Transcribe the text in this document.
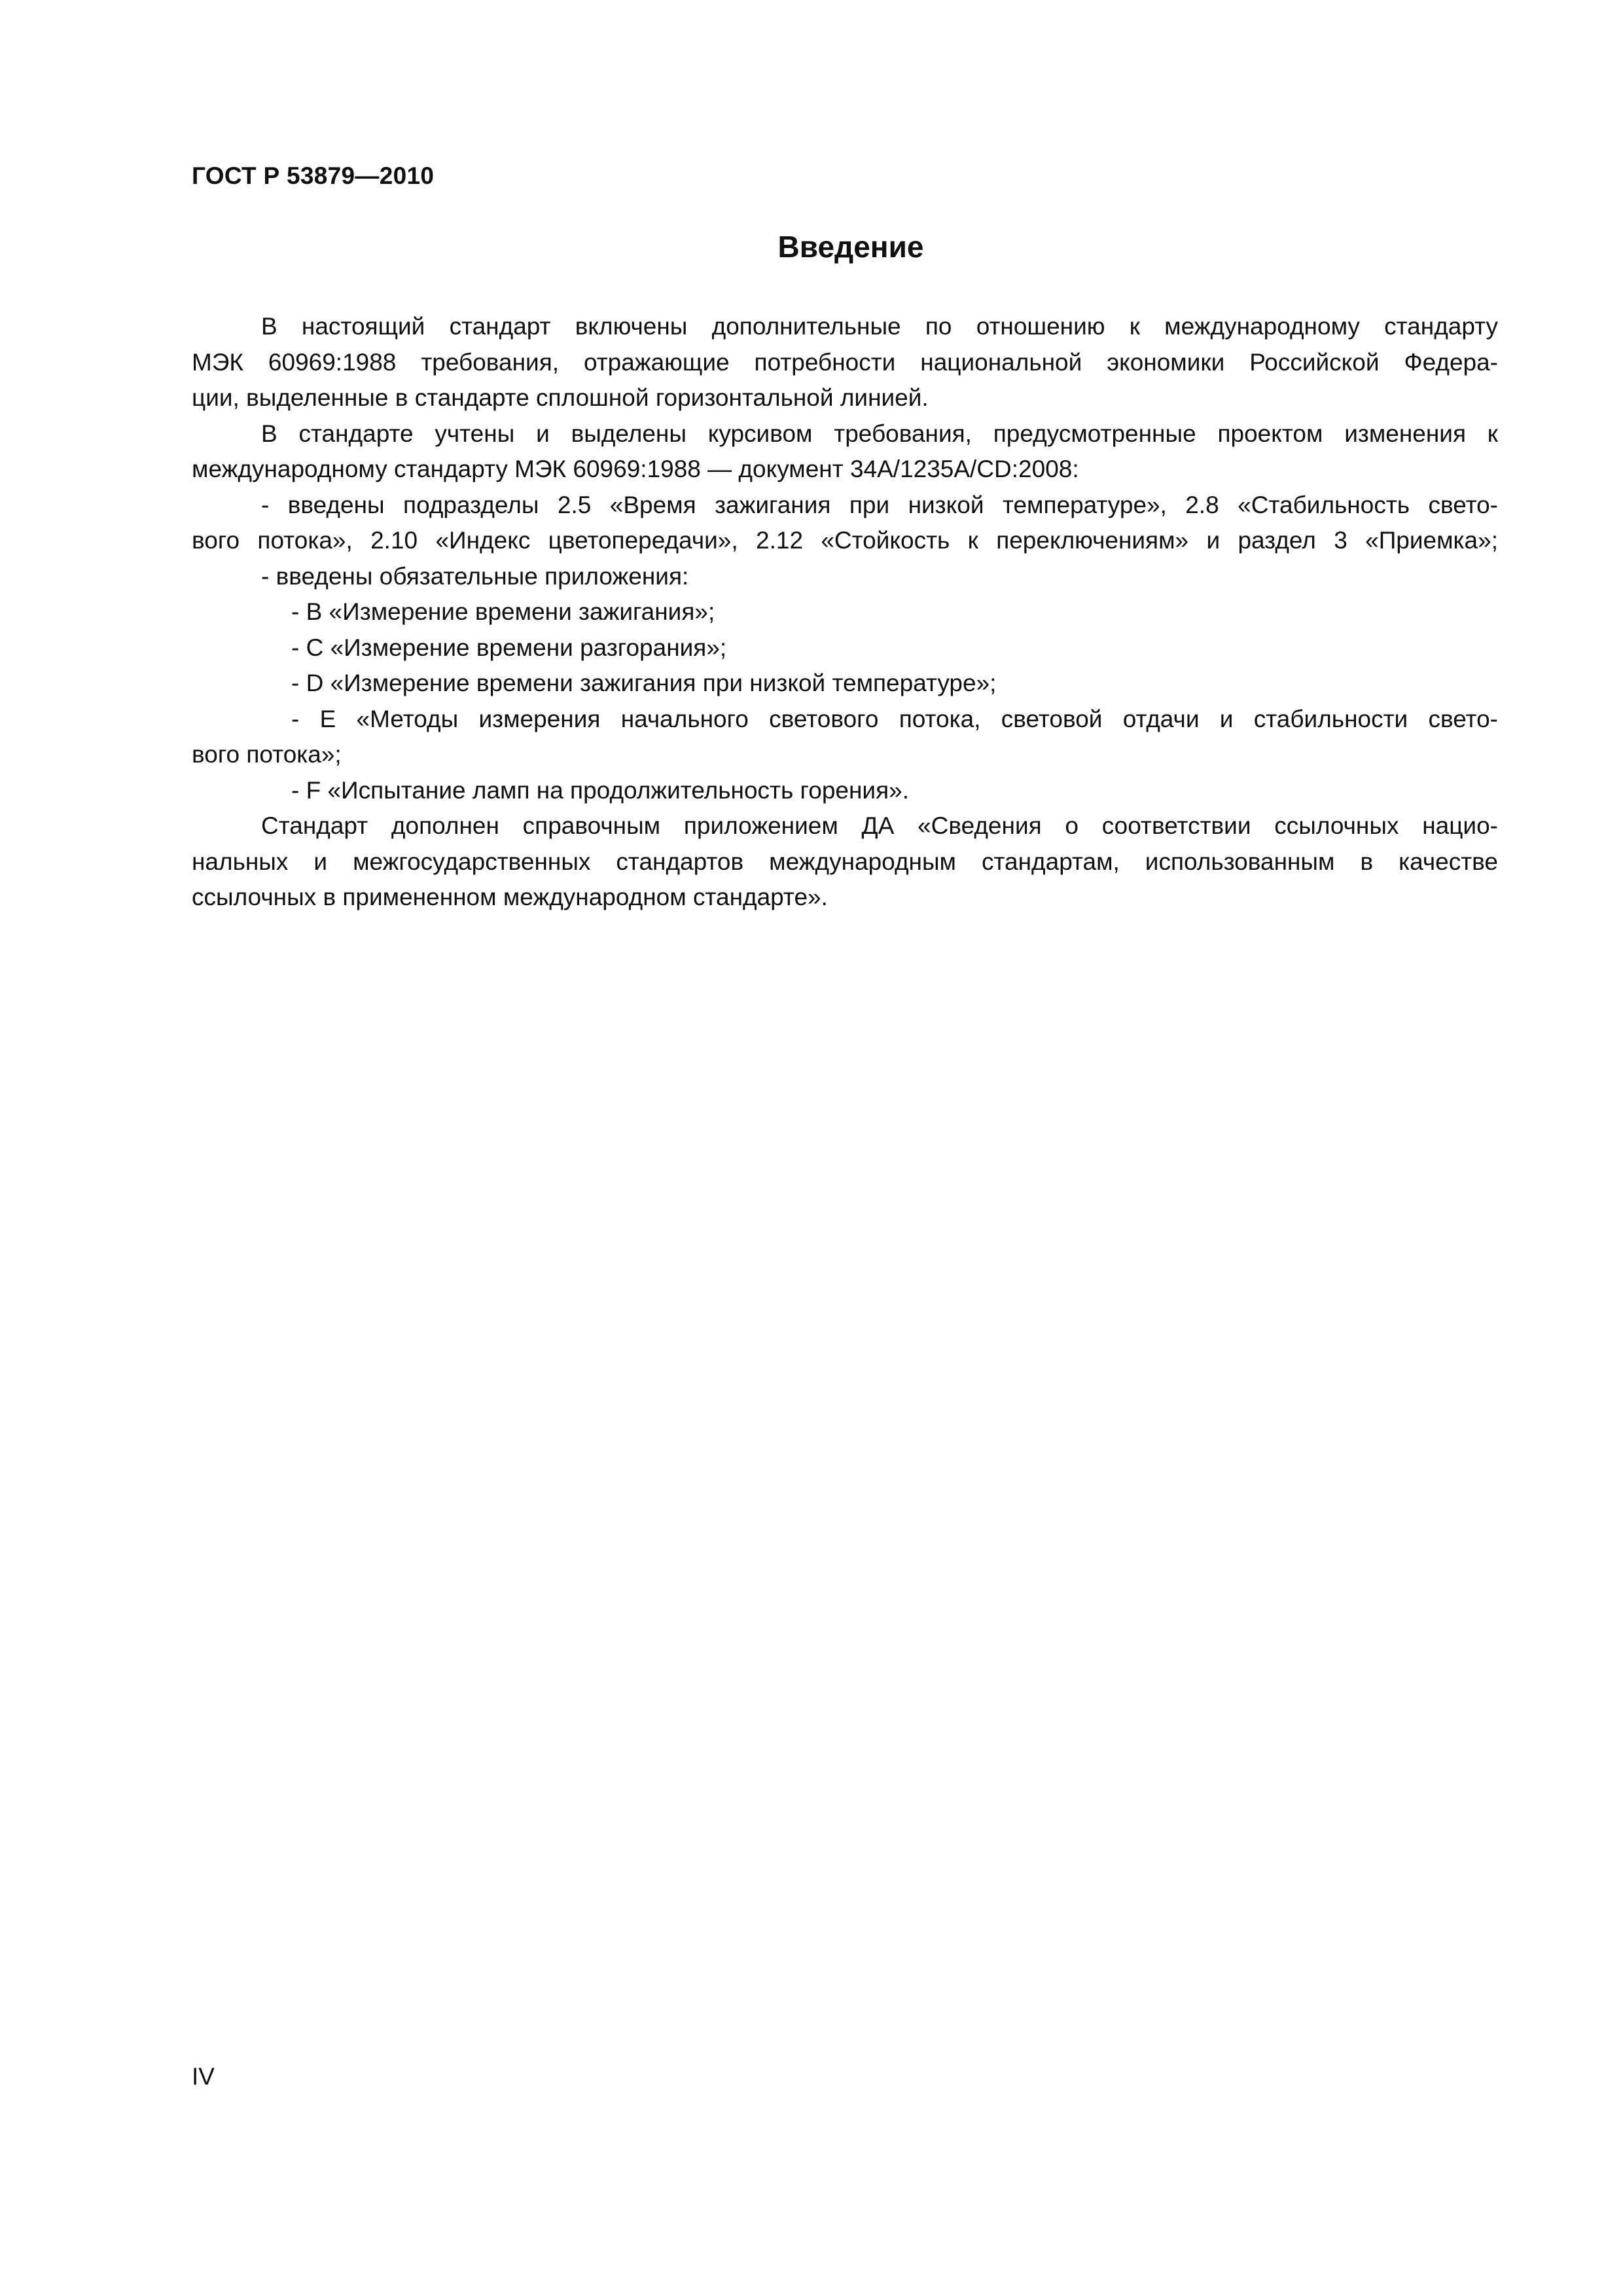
ГОСТ Р 53879—2010
Введение
В настоящий стандарт включены дополнительные по отношению к международному стандарту
МЭК 60969:1988 требования, отражающие потребности национальной экономики Российской Федера-
ции, выделенные в стандарте сплошной горизонтальной линией.
В стандарте учтены и выделены курсивом требования, предусмотренные проектом изменения к
международному стандарту МЭК 60969:1988 — документ 34А/1235А/CD:2008:
- введены подразделы 2.5 «Время зажигания при низкой температуре», 2.8 «Стабильность свето-
вого потока», 2.10 «Индекс цветопередачи», 2.12 «Стойкость к переключениям» и раздел 3 «Приемка»;
- введены обязательные приложения:
- В «Измерение времени зажигания»;
- С «Измерение времени разгорания»;
- D «Измерение времени зажигания при низкой температуре»;
- Е «Методы измерения начального светового потока, световой отдачи и стабильности свето-
вого потока»;
- F «Испытание ламп на продолжительность горения».
Стандарт дополнен справочным приложением ДА «Сведения о соответствии ссылочных нацио-
нальных и межгосударственных стандартов международным стандартам, использованным в качестве
ссылочных в примененном международном стандарте».
IV
